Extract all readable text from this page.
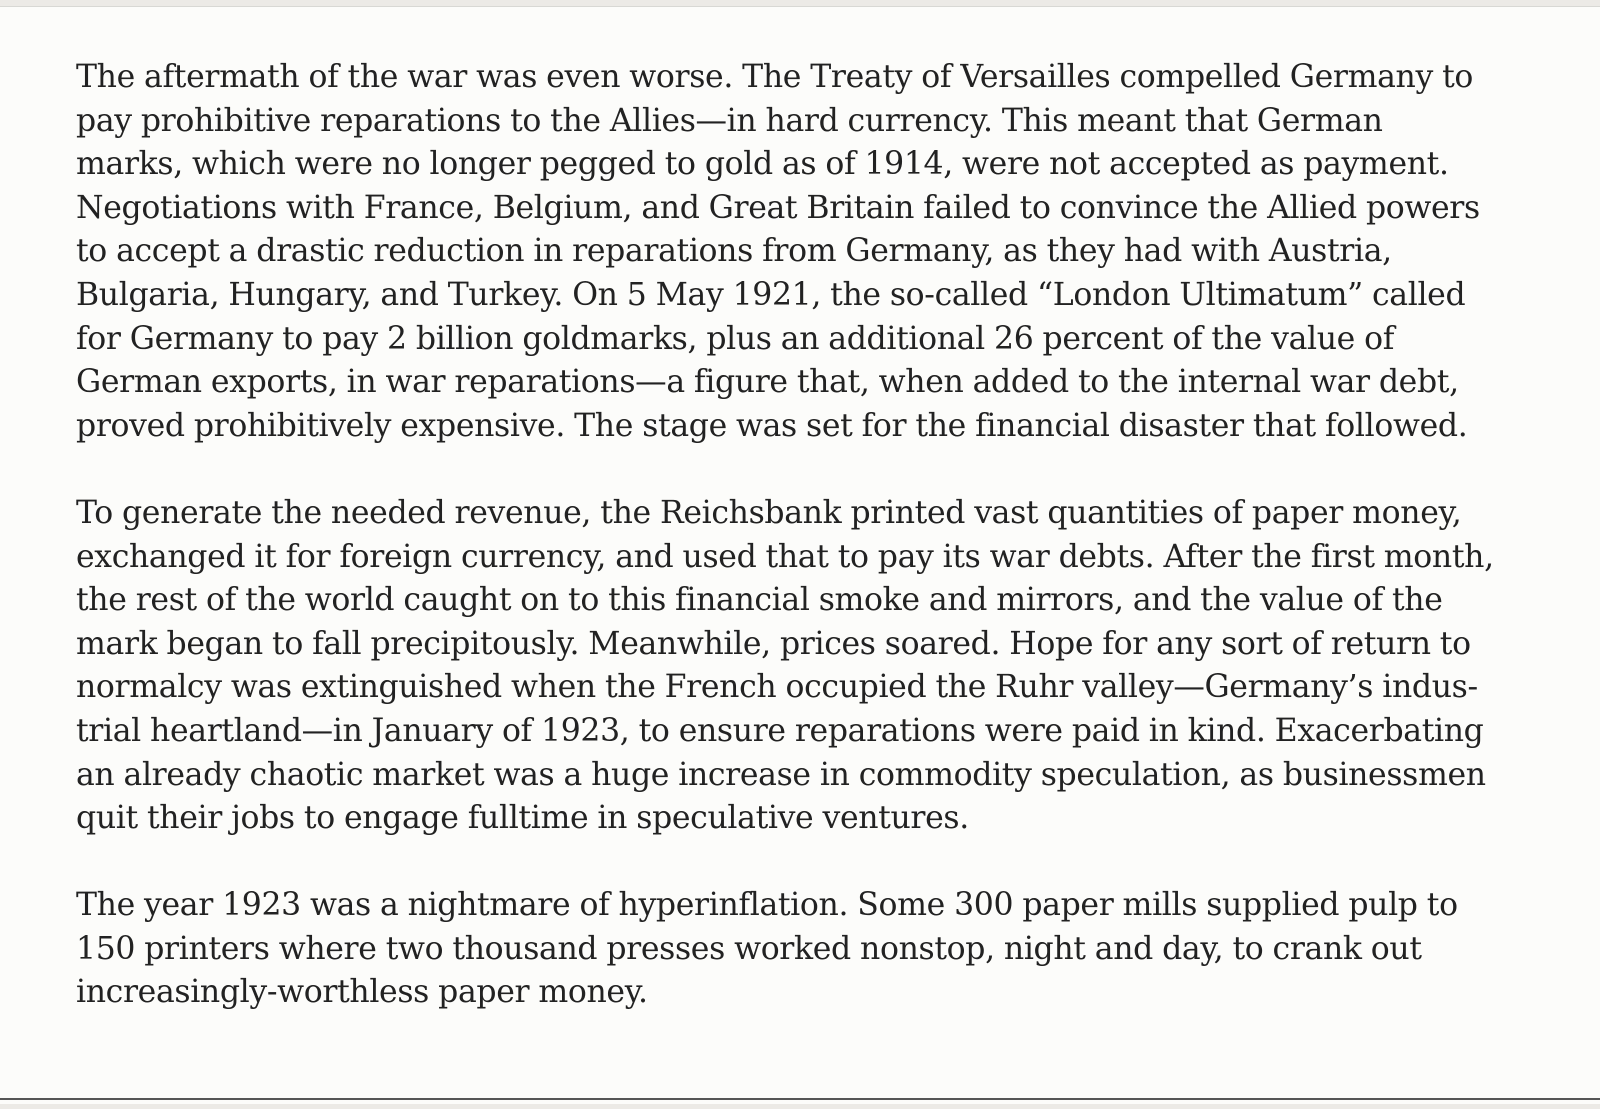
The aftermath of the war was even worse. The Treaty of Versailles compelled Germany to
pay prohibitive reparations to the Allies—in hard currency. This meant that German
marks, which were no longer pegged to gold as of 1914, were not accepted as payment.
Negotiations with France, Belgium, and Great Britain failed to convince the Allied powers
to accept a drastic reduction in reparations from Germany, as they had with Austria,
Bulgaria, Hungary, and Turkey. On 5 May 1921, the so-called “London Ultimatum” called
for Germany to pay 2 billion goldmarks, plus an additional 26 percent of the value of
German exports, in war reparations—a figure that, when added to the internal war debt,
proved prohibitively expensive. The stage was set for the financial disaster that followed.

To generate the needed revenue, the Reichsbank printed vast quantities of paper money,
exchanged it for foreign currency, and used that to pay its war debts. After the first month,
the rest of the world caught on to this financial smoke and mirrors, and the value of the
mark began to fall precipitously. Meanwhile, prices soared. Hope for any sort of return to
normalcy was extinguished when the French occupied the Ruhr valley—Germany’s indus-
trial heartland—in January of 1923, to ensure reparations were paid in kind. Exacerbating
an already chaotic market was a huge increase in commodity speculation, as businessmen
quit their jobs to engage fulltime in speculative ventures.

The year 1923 was a nightmare of hyperinflation. Some 300 paper mills supplied pulp to
150 printers where two thousand presses worked nonstop, night and day, to crank out
increasingly-worthless paper money.
